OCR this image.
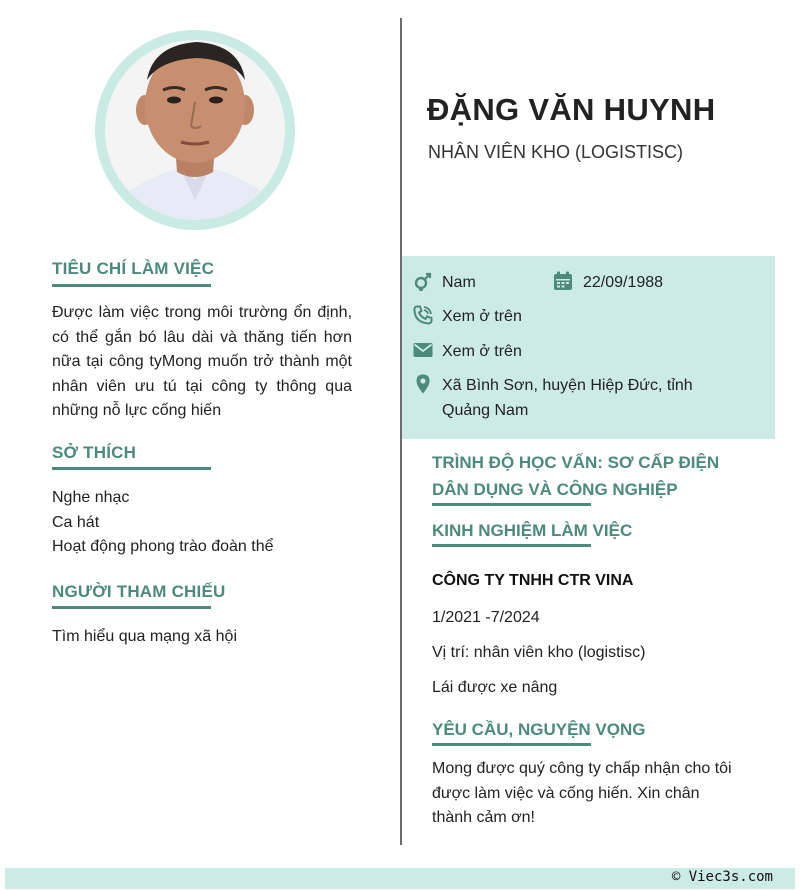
TIÊU CHÍ LÀM VIỆC
Được làm việc trong môi trường ổn định, có thể gắn bó lâu dài và thăng tiến hơn nữa tại công tyMong muốn trở thành một nhân viên ưu tú tại công ty thông qua những nỗ lực cống hiến
SỞ THÍCH
Nghe nhạc
Ca hát
Hoạt động phong trào đoàn thể
NGƯỜI THAM CHIẾU
Tìm hiểu qua mạng xã hội
ĐẶNG VĂN HUYNH
NHÂN VIÊN KHO (LOGISTISC)
Nam	22/09/1988
Xem ở trên
Xem ở trên
Xã Bình Sơn, huyện Hiệp Đức, tỉnh
Quảng Nam
TRÌNH ĐỘ HỌC VẤN: SƠ CẤP ĐIỆN
DÂN DỤNG VÀ CÔNG NGHIỆP
KINH NGHIỆM LÀM VIỆC
CÔNG TY TNHH CTR VINA
1/2021 -7/2024
Vị trí: nhân viên kho (logistisc)
Lái được xe nâng
YÊU CẦU, NGUYỆN VỌNG
Mong được quý công ty chấp nhận cho tôi
được làm việc và cống hiến. Xin chân
thành cảm ơn!
© Viec3s.com
